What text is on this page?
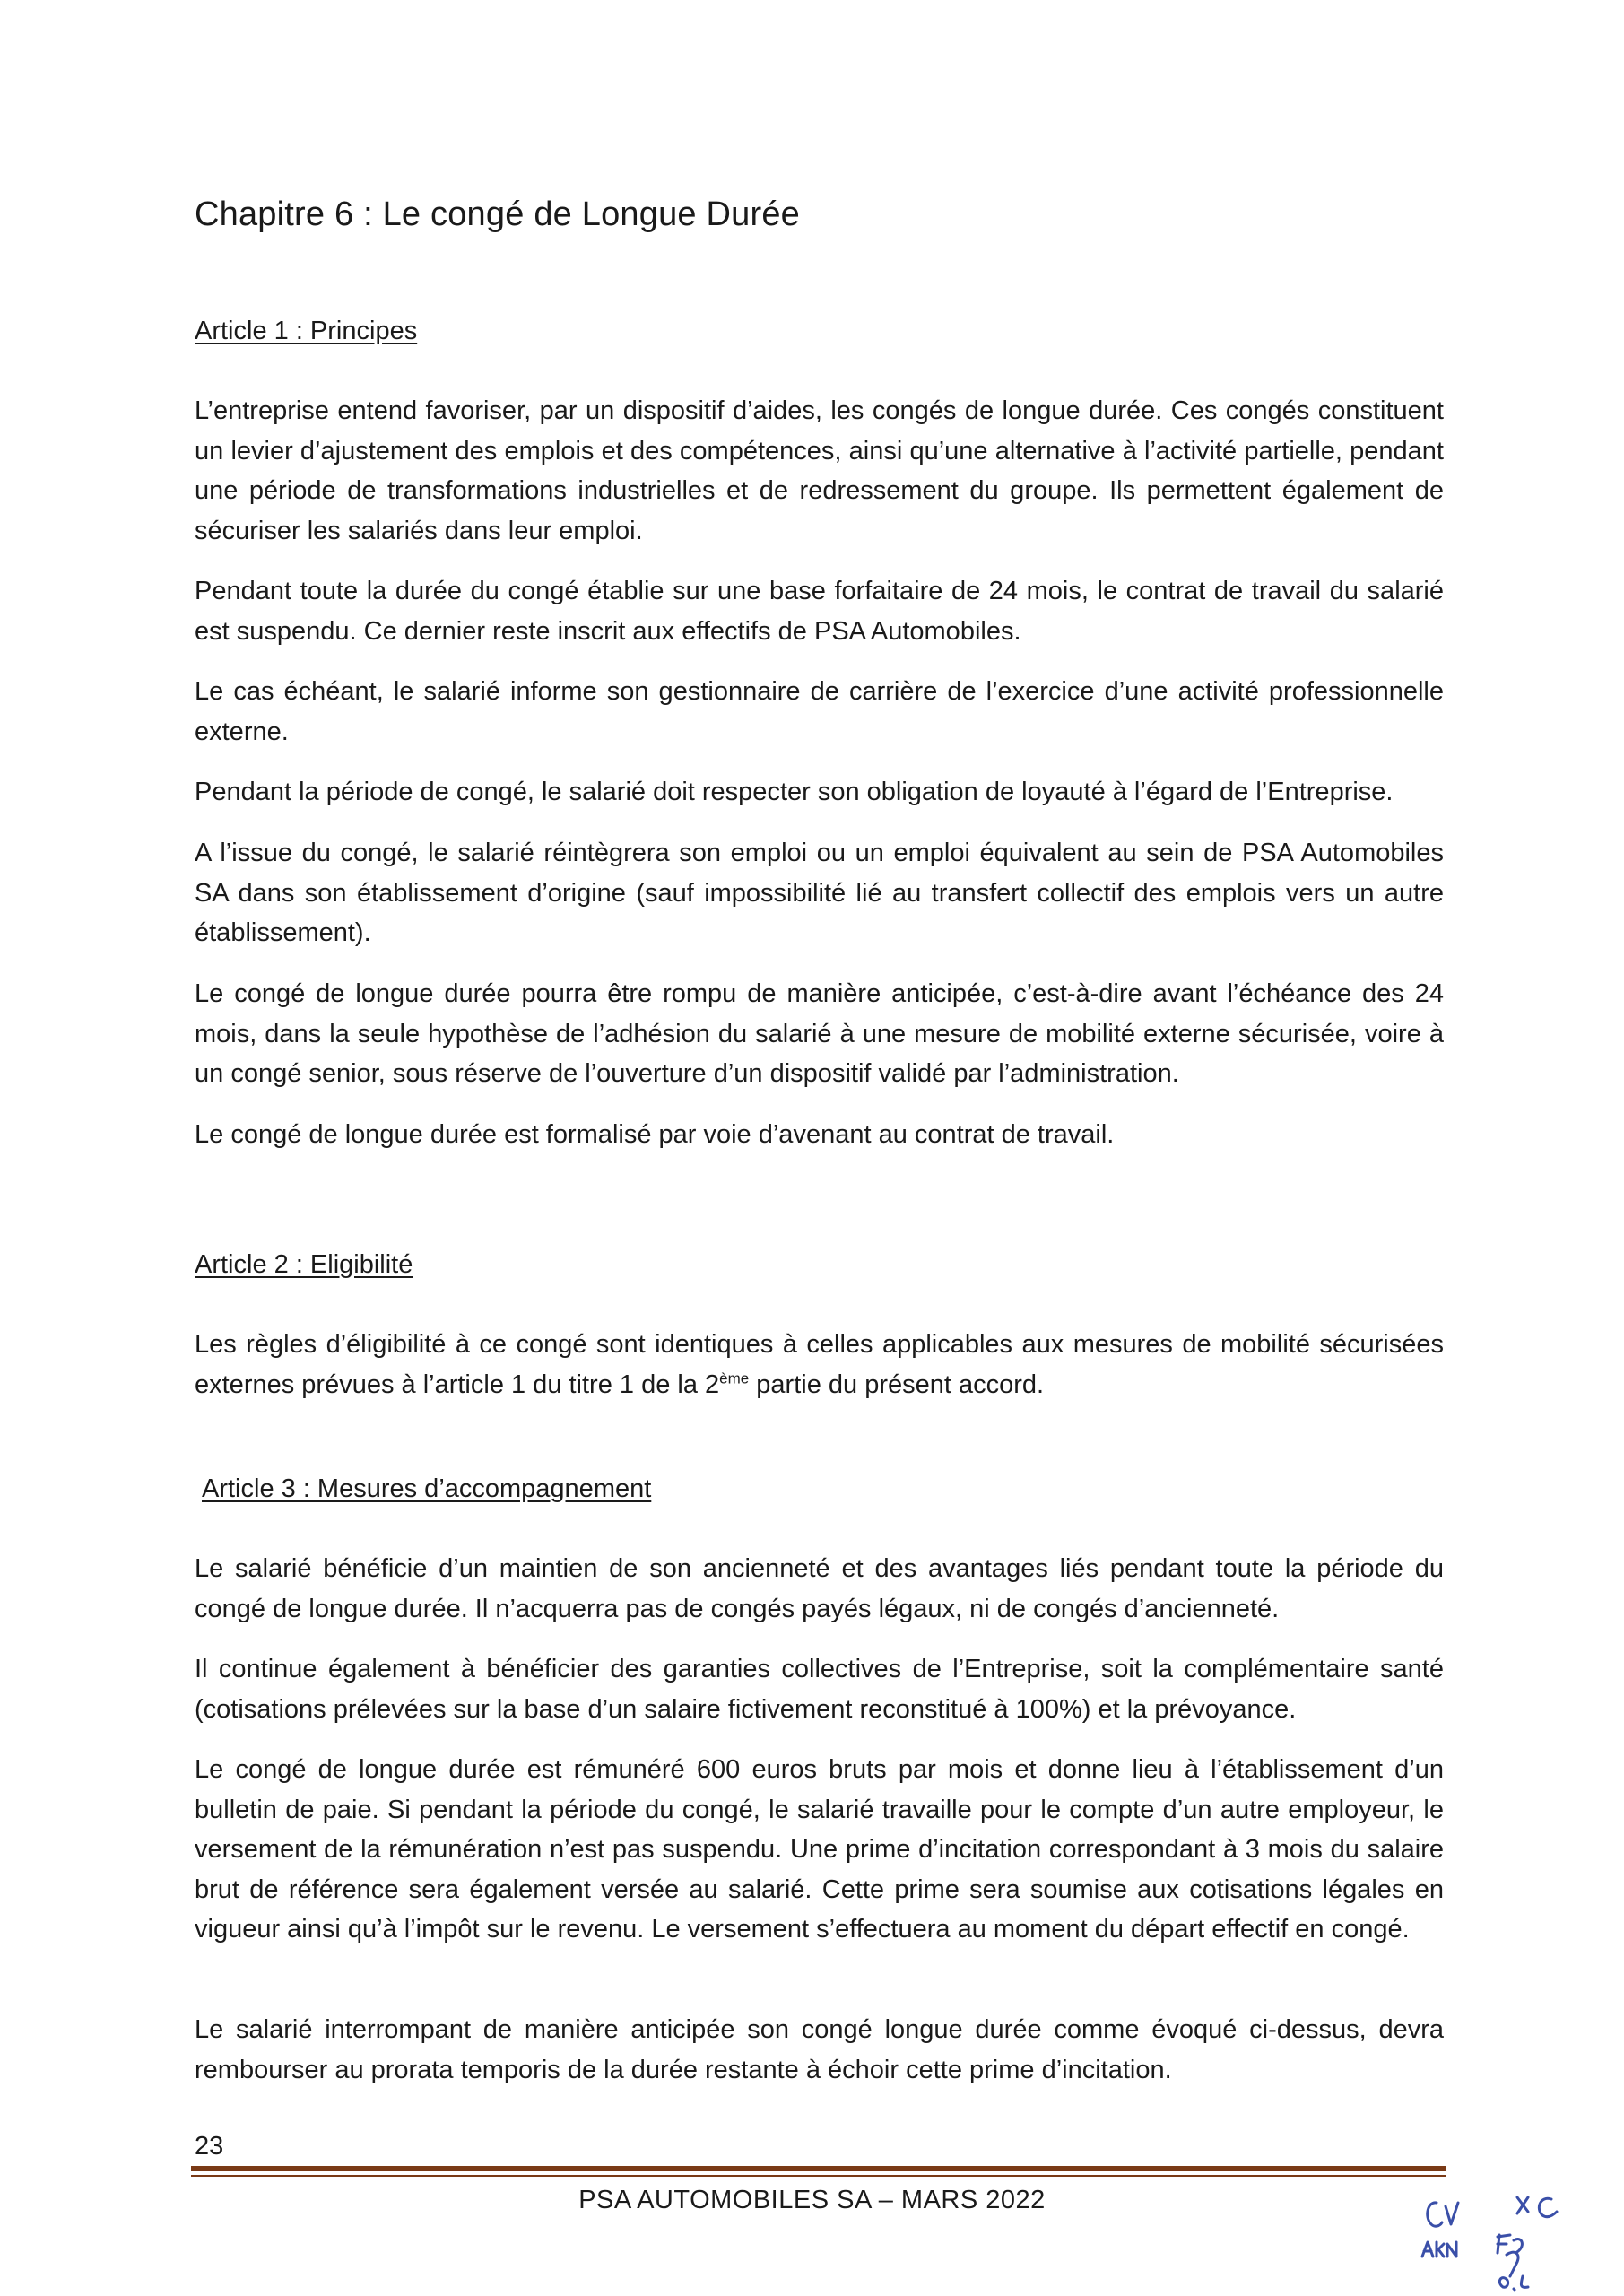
Chapitre 6 : Le congé de Longue Durée
Article 1 : Principes

L’entreprise entend favoriser, par un dispositif d’aides, les congés de longue durée. Ces congés constituent un levier d’ajustement des emplois et des compétences, ainsi qu’une alternative à l’activité partielle, pendant une période de transformations industrielles et de redressement du groupe. Ils permettent également de sécuriser les salariés dans leur emploi.

Pendant toute la durée du congé établie sur une base forfaitaire de 24 mois, le contrat de travail du salarié est suspendu. Ce dernier reste inscrit aux effectifs de PSA Automobiles.

Le cas échéant, le salarié informe son gestionnaire de carrière de l’exercice d’une activité professionnelle externe.

Pendant la période de congé, le salarié doit respecter son obligation de loyauté à l’égard de l’Entreprise.

A l’issue du congé, le salarié réintègrera son emploi ou un emploi équivalent au sein de PSA Automobiles SA dans son établissement d’origine (sauf impossibilité lié au transfert collectif des emplois vers un autre établissement).

Le congé de longue durée pourra être rompu de manière anticipée, c’est-à-dire avant l’échéance des 24 mois, dans la seule hypothèse de l’adhésion du salarié à une mesure de mobilité externe sécurisée, voire à un congé senior, sous réserve de l’ouverture d’un dispositif validé par l’administration.

Le congé de longue durée est formalisé par voie d’avenant au contrat de travail.

Article 2 : Eligibilité

Les règles d’éligibilité à ce congé sont identiques à celles applicables aux mesures de mobilité sécurisées externes prévues à l’article 1 du titre 1 de la 2ème partie du présent accord.

Article 3 : Mesures d’accompagnement

Le salarié bénéficie d’un maintien de son ancienneté et des avantages liés pendant toute la période du congé de longue durée. Il n’acquerra pas de congés payés légaux, ni de congés d’ancienneté.

Il continue également à bénéficier des garanties collectives de l’Entreprise, soit la complémentaire santé (cotisations prélevées sur la base d’un salaire fictivement reconstitué à 100%) et la prévoyance.

Le congé de longue durée est rémunéré 600 euros bruts par mois et donne lieu à l’établissement d’un bulletin de paie. Si pendant la période du congé, le salarié travaille pour le compte d’un autre employeur, le versement de la rémunération n’est pas suspendu. Une prime d’incitation correspondant à 3 mois du salaire brut de référence sera également versée au salarié. Cette prime sera soumise aux cotisations légales en vigueur ainsi qu’à l’impôt sur le revenu. Le versement s’effectuera au moment du départ effectif en congé.

Le salarié interrompant de manière anticipée son congé longue durée comme évoqué ci-dessus, devra rembourser au prorata temporis de la durée restante à échoir cette prime d’incitation.

23
PSA AUTOMOBILES SA – MARS 2022
